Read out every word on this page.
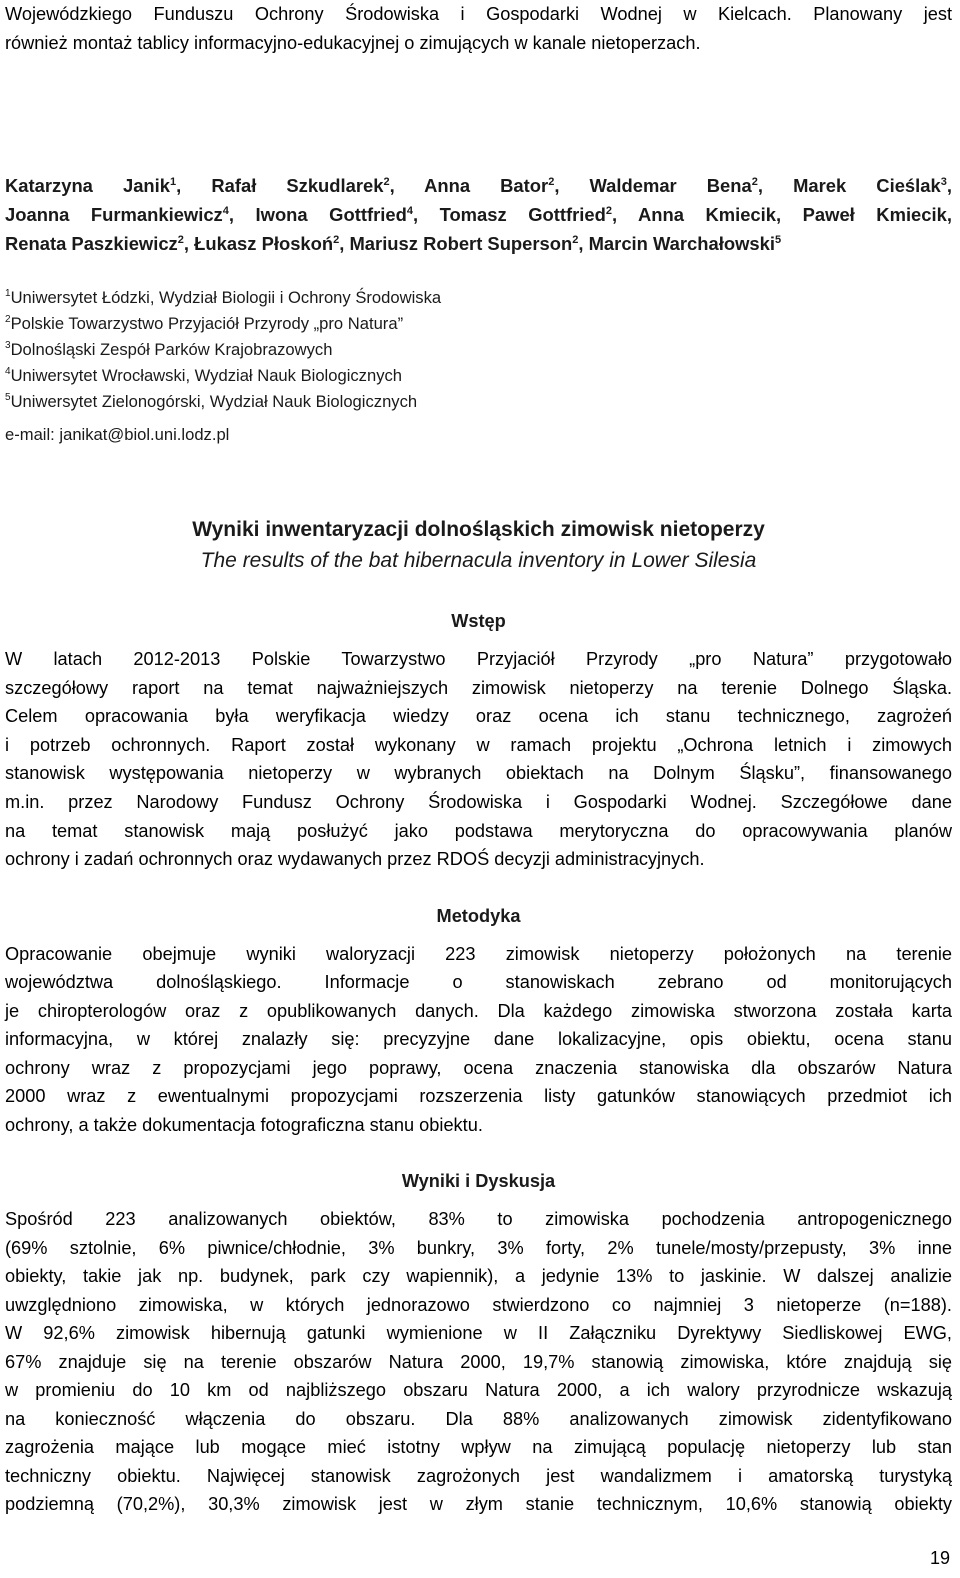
Wojewódzkiego Funduszu Ochrony Środowiska i Gospodarki Wodnej w Kielcach. Planowany jest
również montaż tablicy informacyjno-edukacyjnej o zimujących w kanale nietoperzach.
Katarzyna Janik$^1$, Rafał Szkudlarek$^2$, Anna Bator$^2$, Waldemar Bena$^2$, Marek Cieślak$^3$,
Joanna Furmankiewicz$^4$, Iwona Gottfried$^4$, Tomasz Gottfried$^2$, Anna Kmiecik, Paweł Kmiecik,
Renata Paszkiewicz$^2$, Łukasz Płoskoń$^2$, Mariusz Robert Superson$^2$, Marcin Warchałowski$^5$
$^1$Uniwersytet Łódzki, Wydział Biologii i Ochrony Środowiska
$^2$Polskie Towarzystwo Przyjaciół Przyrody „pro Natura”
$^3$Dolnośląski Zespół Parków Krajobrazowych
$^4$Uniwersytet Wrocławski, Wydział Nauk Biologicznych
$^5$Uniwersytet Zielonogórski, Wydział Nauk Biologicznych
e-mail: janikat@biol.uni.lodz.pl
Wyniki inwentaryzacji dolnośląskich zimowisk nietoperzy
The results of the bat hibernacula inventory in Lower Silesia
Wstęp
W latach 2012-2013 Polskie Towarzystwo Przyjaciół Przyrody „pro Natura” przygotowało
szczegółowy raport na temat najważniejszych zimowisk nietoperzy na terenie Dolnego Śląska.
Celem opracowania była weryfikacja wiedzy oraz ocena ich stanu technicznego, zagrożeń
i potrzeb ochronnych. Raport został wykonany w ramach projektu „Ochrona letnich i zimowych
stanowisk występowania nietoperzy w wybranych obiektach na Dolnym Śląsku”, finansowanego
m.in. przez Narodowy Fundusz Ochrony Środowiska i Gospodarki Wodnej. Szczegółowe dane
na temat stanowisk mają posłużyć jako podstawa merytoryczna do opracowywania planów
ochrony i zadań ochronnych oraz wydawanych przez RDOŚ decyzji administracyjnych.
Metodyka
Opracowanie obejmuje wyniki waloryzacji 223 zimowisk nietoperzy położonych na terenie
województwa dolnośląskiego. Informacje o stanowiskach zebrano od monitorujących
je chiropterologów oraz z opublikowanych danych. Dla każdego zimowiska stworzona została karta
informacyjna, w której znalazły się: precyzyjne dane lokalizacyjne, opis obiektu, ocena stanu
ochrony wraz z propozycjami jego poprawy, ocena znaczenia stanowiska dla obszarów Natura
2000 wraz z ewentualnymi propozycjami rozszerzenia listy gatunków stanowiących przedmiot ich
ochrony, a także dokumentacja fotograficzna stanu obiektu.
Wyniki i Dyskusja
Spośród 223 analizowanych obiektów, 83% to zimowiska pochodzenia antropogenicznego
(69% sztolnie, 6% piwnice/chłodnie, 3% bunkry, 3% forty, 2% tunele/mosty/przepusty, 3% inne
obiekty, takie jak np. budynek, park czy wapiennik), a jedynie 13% to jaskinie. W dalszej analizie
uwzględniono zimowiska, w których jednorazowo stwierdzono co najmniej 3 nietoperze (n=188).
W 92,6% zimowisk hibernują gatunki wymienione w II Załączniku Dyrektywy Siedliskowej EWG,
67% znajduje się na terenie obszarów Natura 2000, 19,7% stanowią zimowiska, które znajdują się
w promieniu do 10 km od najbliższego obszaru Natura 2000, a ich walory przyrodnicze wskazują
na konieczność włączenia do obszaru. Dla 88% analizowanych zimowisk zidentyfikowano
zagrożenia mające lub mogące mieć istotny wpływ na zimującą populację nietoperzy lub stan
techniczny obiektu. Najwięcej stanowisk zagrożonych jest wandalizmem i amatorską turystyką
podziemną (70,2%), 30,3% zimowisk jest w złym stanie technicznym, 10,6% stanowią obiekty
19
